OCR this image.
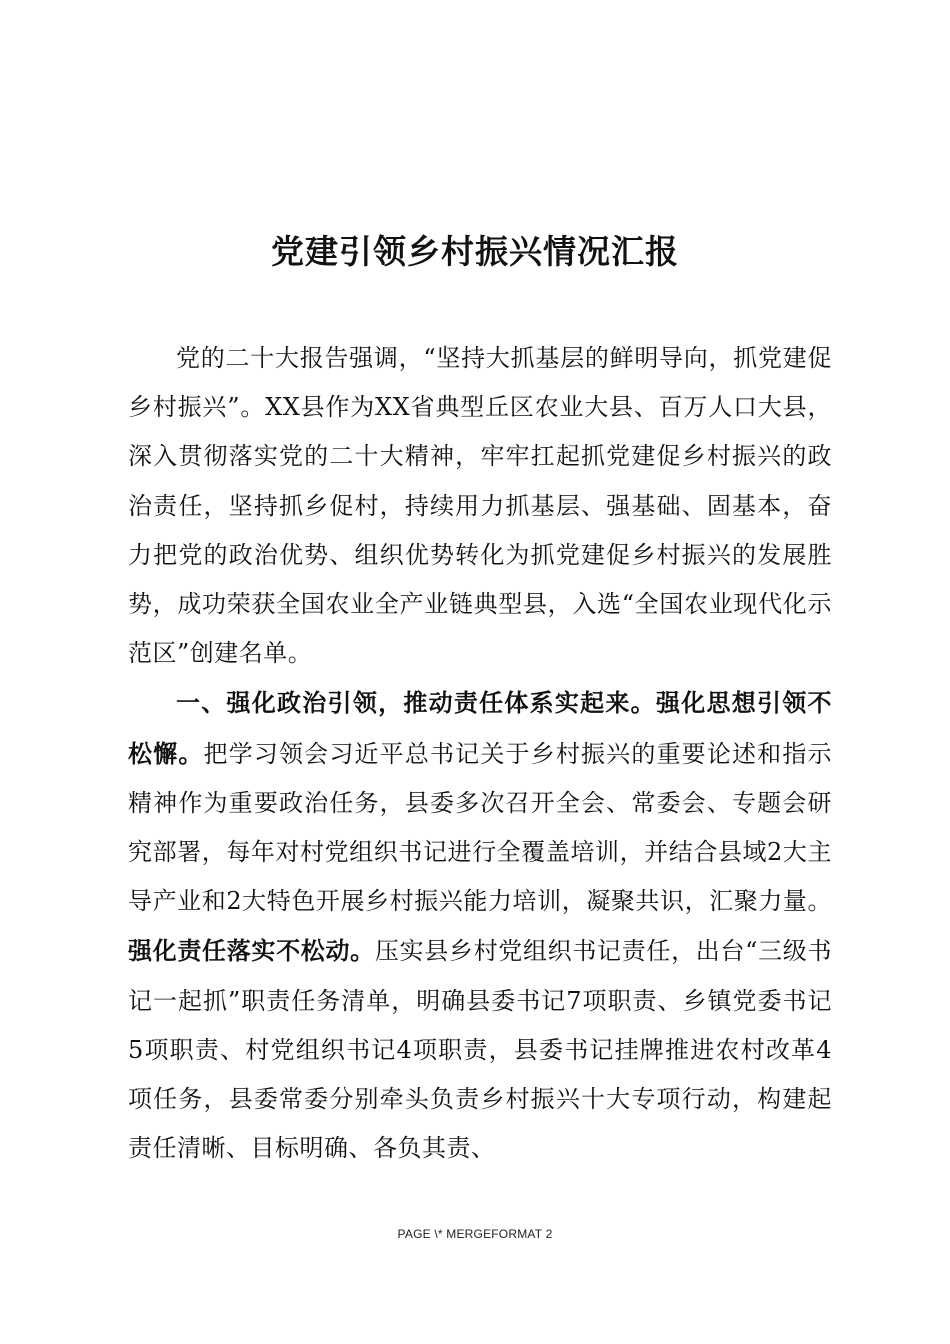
党建引领乡村振兴情况汇报

党的二十大报告强调，“坚持大抓基层的鲜明导向，抓党建促乡村振兴”。XX县作为XX省典型丘区农业大县、百万人口大县，深入贯彻落实党的二十大精神，牢牢扛起抓党建促乡村振兴的政治责任，坚持抓乡促村，持续用力抓基层、强基础、固基本，奋力把党的政治优势、组织优势转化为抓党建促乡村振兴的发展胜势，成功荣获全国农业全产业链典型县，入选“全国农业现代化示范区”创建名单。

一、强化政治引领，推动责任体系实起来。强化思想引领不松懈。把学习领会习近平总书记关于乡村振兴的重要论述和指示精神作为重要政治任务，县委多次召开全会、常委会、专题会研究部署，每年对村党组织书记进行全覆盖培训，并结合县域2大主导产业和2大特色开展乡村振兴能力培训，凝聚共识，汇聚力量。强化责任落实不松动。压实县乡村党组织书记责任，出台“三级书记一起抓”职责任务清单，明确县委书记7项职责、乡镇党委书记5项职责、村党组织书记4项职责，县委书记挂牌推进农村改革4项任务，县委常委分别牵头负责乡村振兴十大专项行动，构建起责任清晰、目标明确、各负其责、

PAGE \* MERGEFORMAT 2
